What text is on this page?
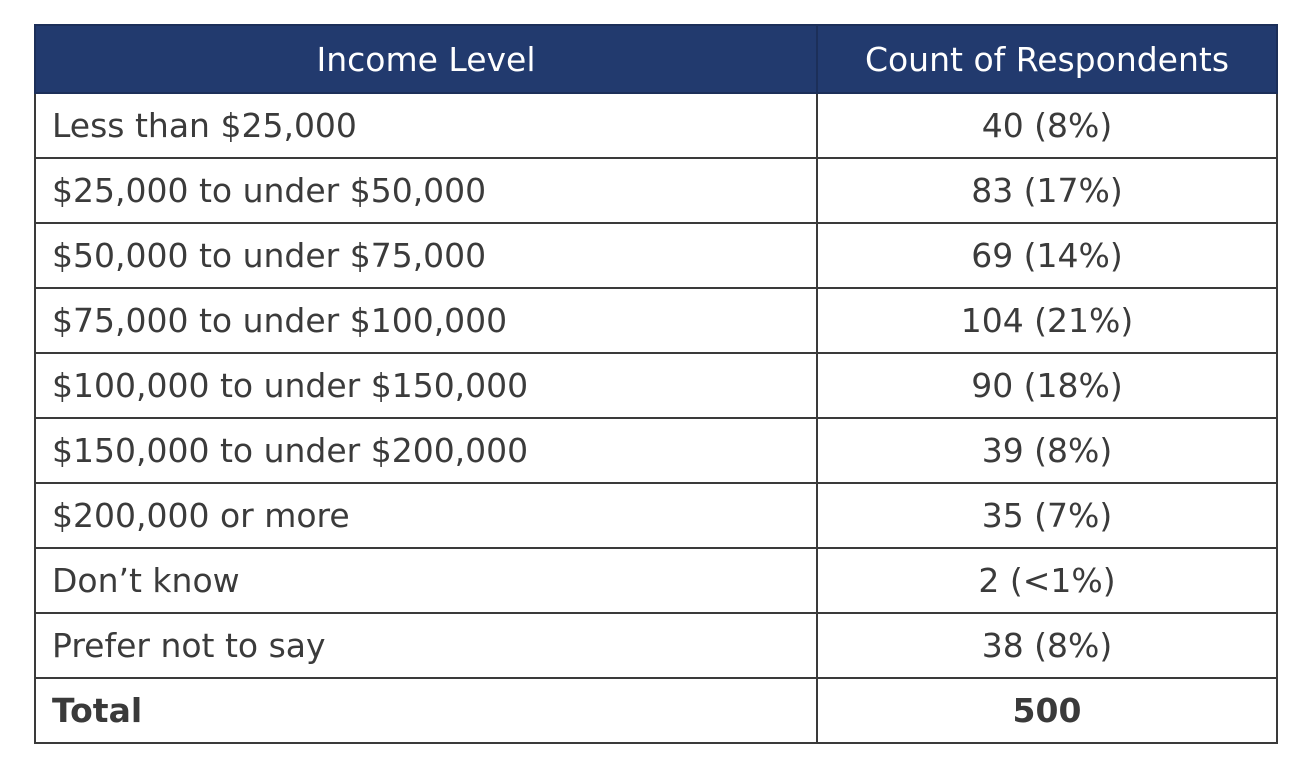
Income Level	Count of Respondents
Less than $25,000	40 (8%)
$25,000 to under $50,000	83 (17%)
$50,000 to under $75,000	69 (14%)
$75,000 to under $100,000	104 (21%)
$100,000 to under $150,000	90 (18%)
$150,000 to under $200,000	39 (8%)
$200,000 or more	35 (7%)
Don’t know	2 (<1%)
Prefer not to say	38 (8%)
Total	500
